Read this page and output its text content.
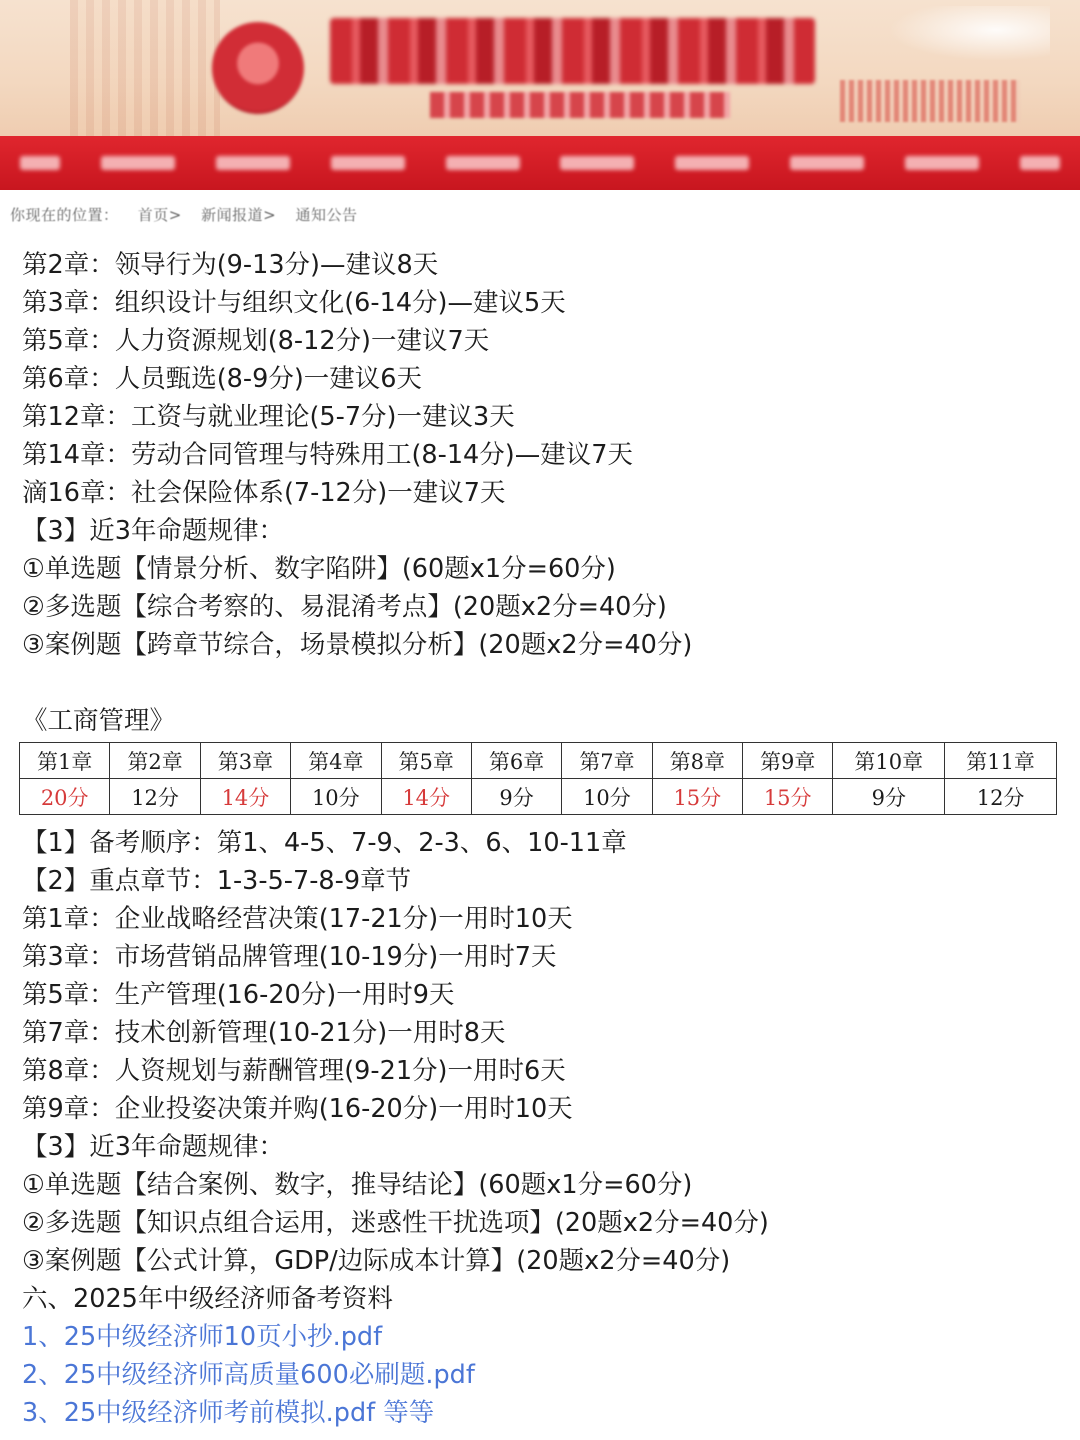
你现在的位置： 首页> 新闻报道> 通知公告
第2章：领导行为(9-13分)—建议8天
第3章：组织设计与组织文化(6-14分)—建议5天
第5章：人力资源规划(8-12分)一建议7天
第6章：人员甄选(8-9分)一建议6天
第12章：工资与就业理论(5-7分)一建议3天
第14章：劳动合同管理与特殊用工(8-14分)—建议7天
滴16章：社会保险体系(7-12分)一建议7天
【3】近3年命题规律：
①单选题【情景分析、数字陷阱】(60题x1分=60分)
②多选题【综合考察的、易混淆考点】(20题x2分=40分)
③案例题【跨章节综合，场景模拟分析】(20题x2分=40分)
《工商管理》
第1章	第2章	第3章	第4章	第5章	第6章	第7章	第8章	第9章	第10章	第11章
20分	12分	14分	10分	14分	9分	10分	15分	15分	9分	12分
【1】备考顺序：第1、4-5、7-9、2-3、6、10-11章
【2】重点章节：1-3-5-7-8-9章节
第1章：企业战略经营决策(17-21分)一用时10天
第3章：市场营销品牌管理(10-19分)一用时7天
第5章：生产管理(16-20分)一用时9天
第7章：技术创新管理(10-21分)一用时8天
第8章：人资规划与薪酬管理(9-21分)一用时6天
第9章：企业投姿决策并购(16-20分)一用时10天
【3】近3年命题规律：
①单选题【结合案例、数字，推导结论】(60题x1分=60分)
②多选题【知识点组合运用，迷惑性干扰选项】(20题x2分=40分)
③案例题【公式计算，GDP/边际成本计算】(20题x2分=40分)
六、2025年中级经济师备考资料
1、25中级经济师10页小抄.pdf
2、25中级经济师高质量600必刷题.pdf
3、25中级经济师考前模拟.pdf 等等
